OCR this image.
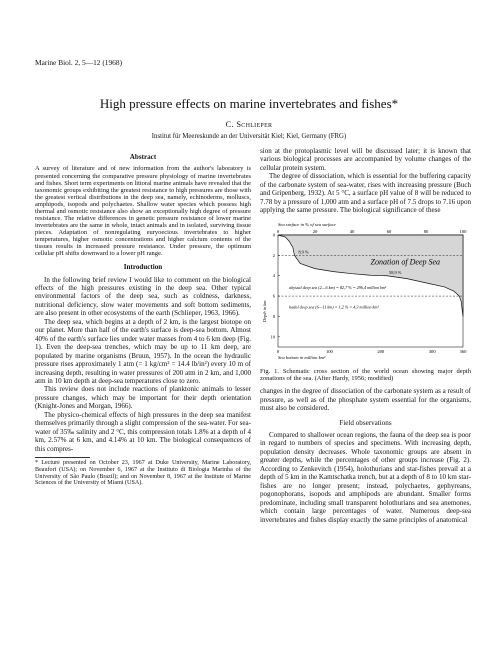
Marine Biol. 2, 5—12 (1968)
High pressure effects on marine invertebrates and fishes*
C. Schlieper
Institut für Meereskunde an der Universität Kiel; Kiel, Germany (FRG)
Abstract
A survey of literature and of new information from the author's laboratory is presented concerning the comparative pressure physiology of marine invertebrates and fishes. Short term experiments on littoral marine animals have revealed that the taxonomic groups exhibiting the greatest resistance to high pressures are those with the greatest vertical distributions in the deep sea, namely, echinoderms, molluscs, amphipods, isopods and polychaetes. Shallow water species which possess high thermal and osmotic resistance also show an exceptionally high degree of pressure resistance. The relative differences in genetic pressure resistance of lower marine invertebrates are the same in whole, intact animals and in isolated, surviving tissue pieces. Adaptation of nonregulating euryoecious invertebrates to higher temperatures, higher osmotic concentrations and higher calcium contents of the tissues results in increased pressure resistance. Under pressure, the optimum cellular pH shifts downward to a lower pH range.
Introduction

In the following brief review I would like to comment on the biological effects of the high pressures existing in the deep sea. Other typical environmental factors of the deep sea, such as coldness, darkness, nutritional deficiency, slow water movements and soft bottom sediments, are also present in other ecosystems of the earth (Schlieper, 1963, 1966).

The deep sea, which begins at a depth of 2 km, is the largest biotope on our planet. More than half of the earth's surface is deep-sea bottom. Almost 40% of the earth's surface lies under water masses from 4 to 6 km deep (Fig. 1). Even the deep-sea trenches, which may be up to 11 km deep, are populated by marine organisms (Bruun, 1957). In the ocean the hydraulic pressure rises approximately 1 atm (= 1 kg/cm² = 14.4 lb/in²) every 10 m of increasing depth, resulting in water pressures of 200 atm in 2 km, and 1,000 atm in 10 km depth at deep-sea temperatures close to zero.

This review does not include reactions of planktonic animals to lesser pressure changes, which may be important for their depth orientation (Knight-Jones and Morgan, 1966).

The physico-chemical effects of high pressures in the deep sea manifest themselves primarily through a slight compression of the sea-water. For sea-water of 35‰ salinity and 2 °C, this compression totals 1.8% at a depth of 4 km, 2.57% at 6 km, and 4.14% at 10 km. The biological consequences of this compres-

* Lecture presented on October 23, 1967 at Duke University, Marine Laboratory, Beaufort (USA); on November 6, 1967 at the Instituto di Biologia Marinha of the University of São Paulo (Brazil); and on November 8, 1967 at the Institute of Marine Sciences of the University of Miami (USA).

sion at the protoplasmic level will be discussed later; it is known that various biological processes are accompanied by volume changes of the cellular protein system.

The degree of dissociation, which is essential for the buffering capacity of the carbonate system of sea-water, rises with increasing pressure (Buch and Gripenberg, 1932). At 5 °C, a surface pH value of 8 will be reduced to 7.78 by a pressure of 1,000 atm and a surface pH of 7.5 drops to 7.16 upon applying the same pressure. The biological significance of these

Sea surface in % of sea surface
0	20	40	60	80	100
0
2
4
6
8
10
Depth in km
0	100	200	300	360
Sea bottom in million km²
8,9 %
58,9 %
Zonation of Deep Sea
abyssal deep sea (2—6 km) = 82,7 % = 296,4 million km²
hadal deep sea (6—11 km) = 1,2 % = 4,3 million km²
Fig. 1. Schematic cross section of the world ocean showing major depth zonations of the sea. (After Hardy, 1956; modified)

changes in the degree of dissociation of the carbonate system as a result of pressure, as well as of the phosphate system essential for the organisms, must also be considered.

Field observations

Compared to shallower ocean regions, the fauna of the deep sea is poor in regard to numbers of species and specimens. With increasing depth, population density decreases. Whole taxonomic groups are absent in greater depths, while the percentages of other groups increase (Fig. 2). According to Zenkevitch (1954), holothurians and star-fishes prevail at a depth of 5 km in the Kamtschatka trench, but at a depth of 8 to 10 km star-fishes are no longer present; instead, polychaetes, gephyreans, pogonophorans, isopods and amphipods are abundant. Smaller forms predominate, including small transparent holothurians and sea anemones, which contain large percentages of water. Numerous deep-sea invertebrates and fishes display exactly the same principles of anatomical
